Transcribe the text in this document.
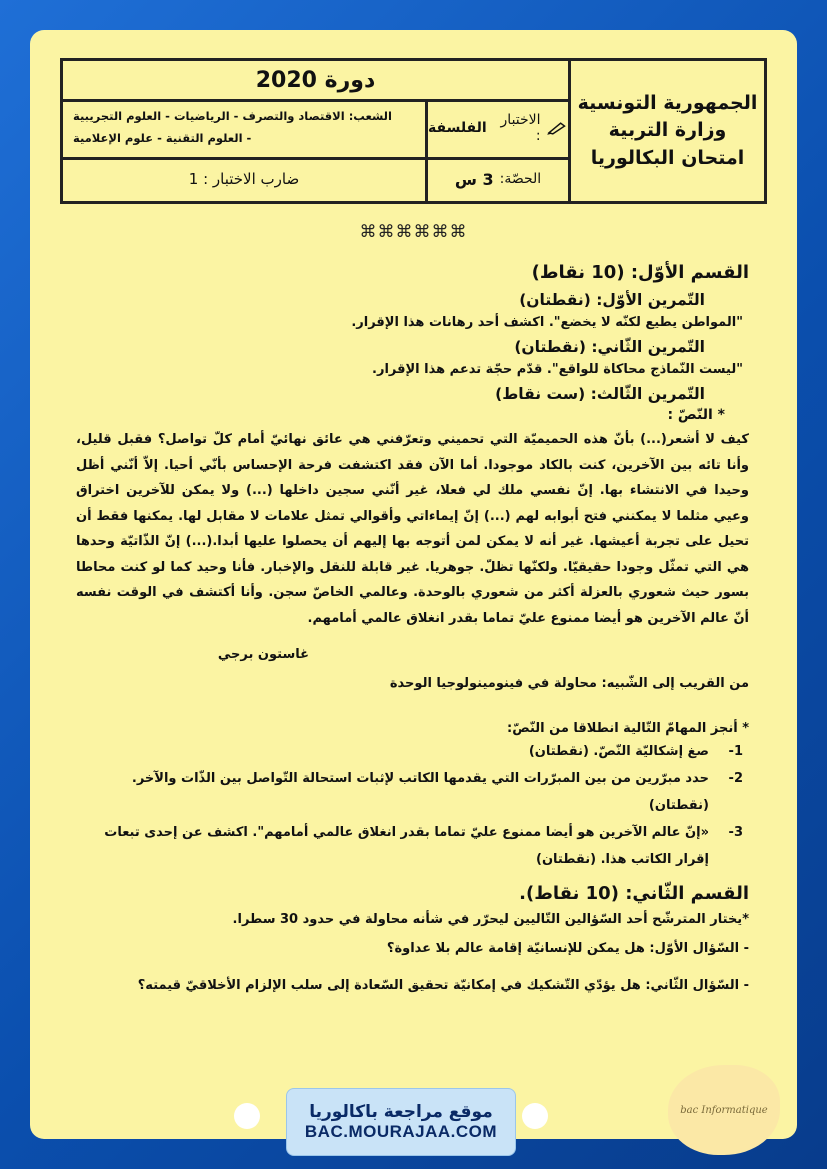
الجمهورية التونسية
وزارة التربية
امتحان البكالوريا
دورة 2020
الاختبار :
الفلسفة
الشعب: الاقتصاد والتصرف - الرياضيات - العلوم التجريبية
- العلوم التقنية - علوم الإعلامية
الحصّة:
3 س
ضارب الاختبار : 1
⌘⌘⌘⌘⌘⌘

القسم الأوّل: (10 نقاط)

التّمرين الأوّل: (نقطتان)

"المواطن يطيع لكنّه لا يخضع". اكشف أحد رهانات هذا الإقرار.

التّمرين الثّاني: (نقطتان)

"ليست النّماذج محاكاة للواقع". قدّم حجّة تدعم هذا الإقرار.

التّمرين الثّالث: (ست نقاط)

* النّصّ :

كيف لا أشعر(...) بأنّ هذه الحميميّة التي تحميني وتعرّفني هي عائق نهائيّ أمام كلّ تواصل؟ فقبل قليل، وأنا تائه بين الآخرين، كنت بالكاد موجودا. أما الآن فقد اكتشفت فرحة الإحساس بأنّي أحيا. إلاّ أنّني أظل وحيدا في الانتشاء بها. إنّ نفسي ملك لي فعلا، غير أنّني سجين داخلها (...) ولا يمكن للآخرين اختراق وعيي مثلما لا يمكنني فتح أبوابه لهم (...) إنّ إيماءاتي وأقوالي تمثل علامات لا مقابل لها. يمكنها فقط أن تحيل على تجربة أعيشها. غير أنه لا يمكن لمن أتوجه بها إليهم أن يحصلوا عليها أبدا.(...) إنّ الذّاتيّة وحدها هي التي تمثّل وجودا حقيقيّا. ولكنّها تظلّ. جوهريا. غير قابلة للنقل والإخبار. فأنا وحيد كما لو كنت محاطا بسور حيث شعوري بالعزلة أكثر من شعوري بالوحدة. وعالمي الخاصّ سجن. وأنا أكتشف في الوقت نفسه أنّ عالم الآخرين هو أيضا ممنوع عليّ تماما بقدر انغلاق عالمي أمامهم.

غاستون برجي

من القريب إلى الشّبيه: محاولة في فينومينولوجيا الوحدة

* أنجز المهامّ التّالية انطلاقا من النّصّ:

1-
صغ إشكاليّة النّصّ. (نقطتان)
2-
حدد مبرّرين من بين المبرّرات التي يقدمها الكاتب لإثبات استحالة التّواصل بين الذّات والآخر. (نقطتان)
3-
«إنّ عالم الآخرين هو أيضا ممنوع عليّ تماما بقدر انغلاق عالمي أمامهم". اكشف عن إحدى تبعات إقرار الكاتب هذا. (نقطتان)

القسم الثّاني: (10 نقاط).

*يختار المترشّح أحد السّؤالين التّاليين ليحرّر في شأنه محاولة في حدود 30 سطرا.

- السّؤال الأوّل: هل يمكن للإنسانيّة إقامة عالم بلا عداوة؟

- السّؤال الثّاني: هل يؤدّي التّشكيك في إمكانيّة تحقيق السّعادة إلى سلب الإلزام الأخلاقيّ قيمته؟

موقع مراجعة باكالوريا
BAC.MOURAJAA.COM
bac Informatique
